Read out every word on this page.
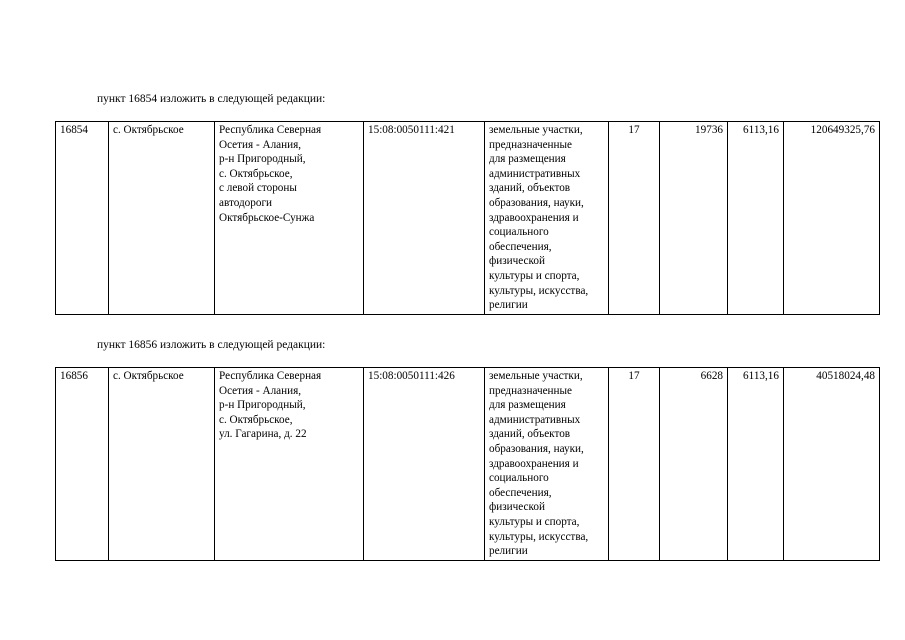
пункт 16854 изложить в следующей редакции:
16854	с. Октябрьское	Республика Северная
Осетия - Алания,
р-н Пригородный,
с. Октябрьское,
с левой стороны
автодороги
Октябрьское-Сунжа
	15:08:0050111:421	земельные участки,
предназначенные
для размещения
административных
зданий, объектов
образования, науки,
здравоохранения и
социального
обеспечения,
физической
культуры и спорта,
культуры, искусства,
религии
	17	19736	6113,16	120649325,76
пункт 16856 изложить в следующей редакции:
16856	с. Октябрьское	Республика Северная
Осетия - Алания,
р-н Пригородный,
с. Октябрьское,
ул. Гагарина, д. 22
	15:08:0050111:426	земельные участки,
предназначенные
для размещения
административных
зданий, объектов
образования, науки,
здравоохранения и
социального
обеспечения,
физической
культуры и спорта,
культуры, искусства,
религии
	17	6628	6113,16	40518024,48
